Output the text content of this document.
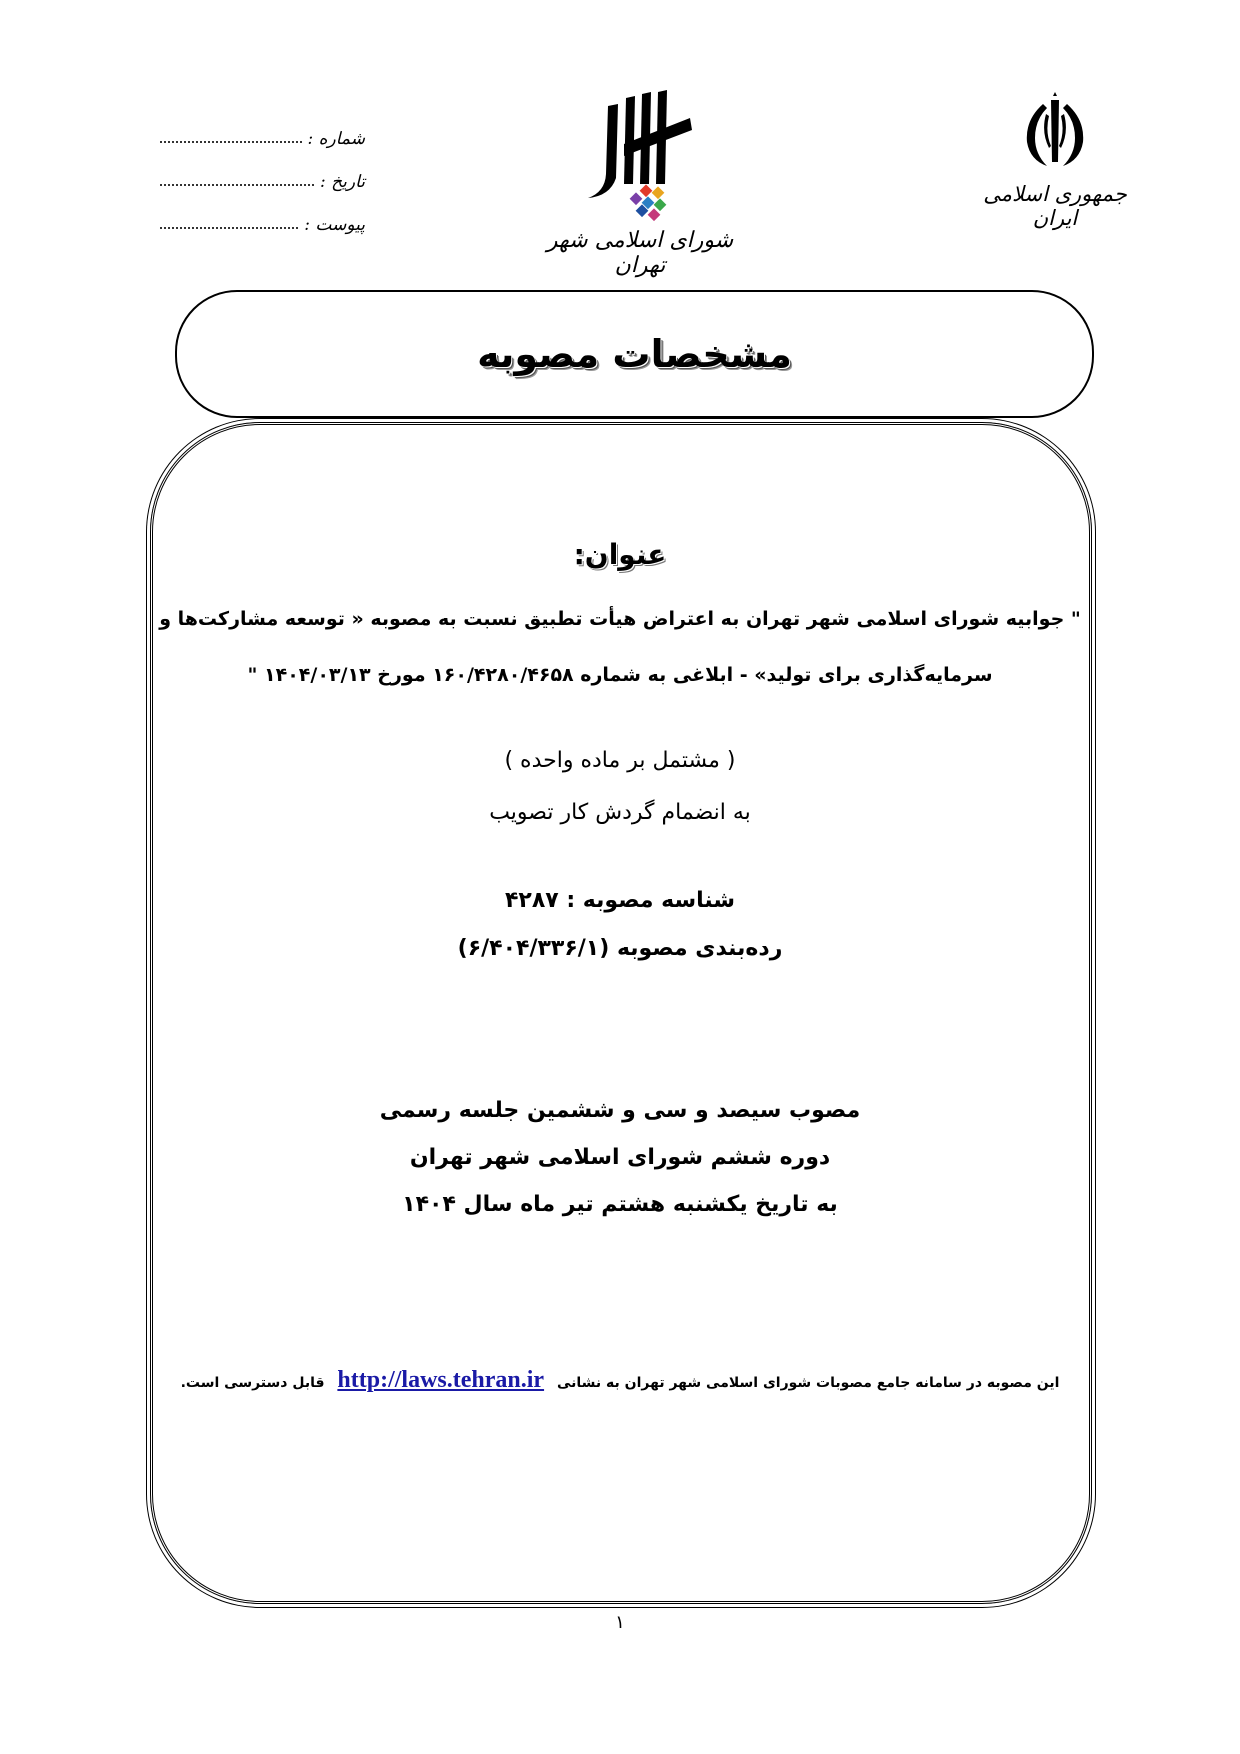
شماره :
تاریخ :
پیوست :
شورای اسلامی شهر تهران
جمهوری اسلامی ایران
مشخصات مصوبه
عنوان:
" جوابیه شورای اسلامی شهر تهران به اعتراض هیأت تطبیق نسبت به مصوبه « توسعه مشارکت‌ها و
سرمایه‌گذاری برای تولید» - ابلاغی به شماره ۱۶۰/۴۲۸۰/۴۶۵۸ مورخ ۱۴۰۴/۰۳/۱۳ "
( مشتمل بر ماده واحده )
به انضمام گردش کار تصویب
شناسه مصوبه : ۴۲۸۷
رده‌بندی مصوبه (۶/۴۰۴/۳۳۶/۱)
مصوب سیصد و سی و ششمین جلسه رسمی
دوره ششم شورای اسلامی شهر تهران
به تاریخ یکشنبه هشتم تیر ماه سال ۱۴۰۴
این مصوبه در سامانه جامع مصوبات شورای اسلامی شهر تهران به نشانی http://laws.tehran.ir قابل دسترسی است.
۱
